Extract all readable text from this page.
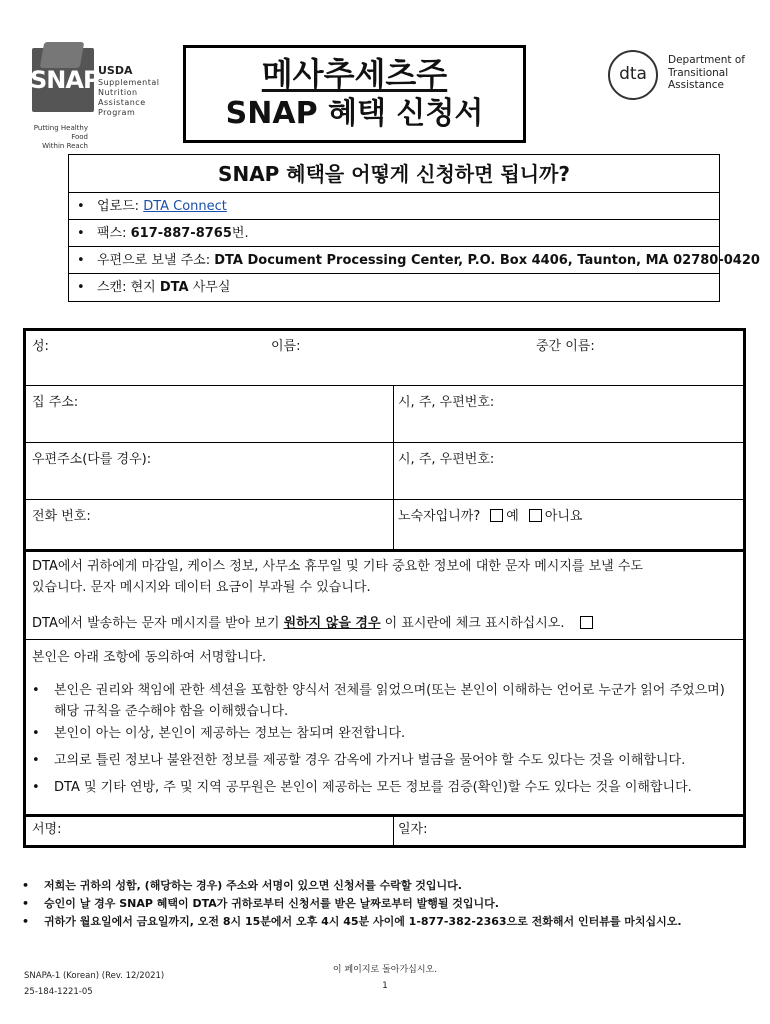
SNAP
USDA
Supplemental
Nutrition
Assistance
Program
Putting Healthy Food
Within Reach
메사추세츠주
SNAP 혜택 신청서
dta
Department of
Transitional
Assistance
SNAP 혜택을 어떻게 신청하면 됩니까?
• 업로드: DTA Connect
• 팩스: 617-887-8765번.
• 우편으로 보낼 주소: DTA Document Processing Center, P.O. Box 4406, Taunton, MA 02780-0420
• 스캔: 현지 DTA 사무실
성:	이름:	중간 이름:
집 주소:	시, 주, 우편번호:
우편주소(다를 경우):	시, 주, 우편번호:
전화 번호:	노숙자입니까? 예 아니요
DTA에서 귀하에게 마감일, 케이스 정보, 사무소 휴무일 및 기타 중요한 정보에 대한 문자 메시지를 보낼 수도
있습니다. 문자 메시지와 데이터 요금이 부과될 수 있습니다.
DTA에서 발송하는 문자 메시지를 받아 보기 원하지 않을 경우 이 표시란에 체크 표시하십시오.
본인은 아래 조항에 동의하여 서명합니다.
• 본인은 권리와 책임에 관한 섹션을 포함한 양식서 전체를 읽었으며(또는 본인이 이해하는 언어로 누군가 읽어 주었으며) 해당 규칙을 준수해야 함을 이해했습니다.
• 본인이 아는 이상, 본인이 제공하는 정보는 참되며 완전합니다.
• 고의로 틀린 정보나 불완전한 정보를 제공할 경우 감옥에 가거나 벌금을 물어야 할 수도 있다는 것을 이해합니다.
• DTA 및 기타 연방, 주 및 지역 공무원은 본인이 제공하는 모든 정보를 검증(확인)할 수도 있다는 것을 이해합니다.
서명:	일자:
• 저희는 귀하의 성함, (해당하는 경우) 주소와 서명이 있으면 신청서를 수락할 것입니다.
• 승인이 날 경우 SNAP 혜택이 DTA가 귀하로부터 신청서를 받은 날짜로부터 발행될 것입니다.
• 귀하가 월요일에서 금요일까지, 오전 8시 15분에서 오후 4시 45분 사이에 1-877-382-2363으로 전화해서 인터뷰를 마치십시오.
SNAPA-1 (Korean) (Rev. 12/2021)
25-184-1221-05
이 페이지로 돌아가십시오.
1
